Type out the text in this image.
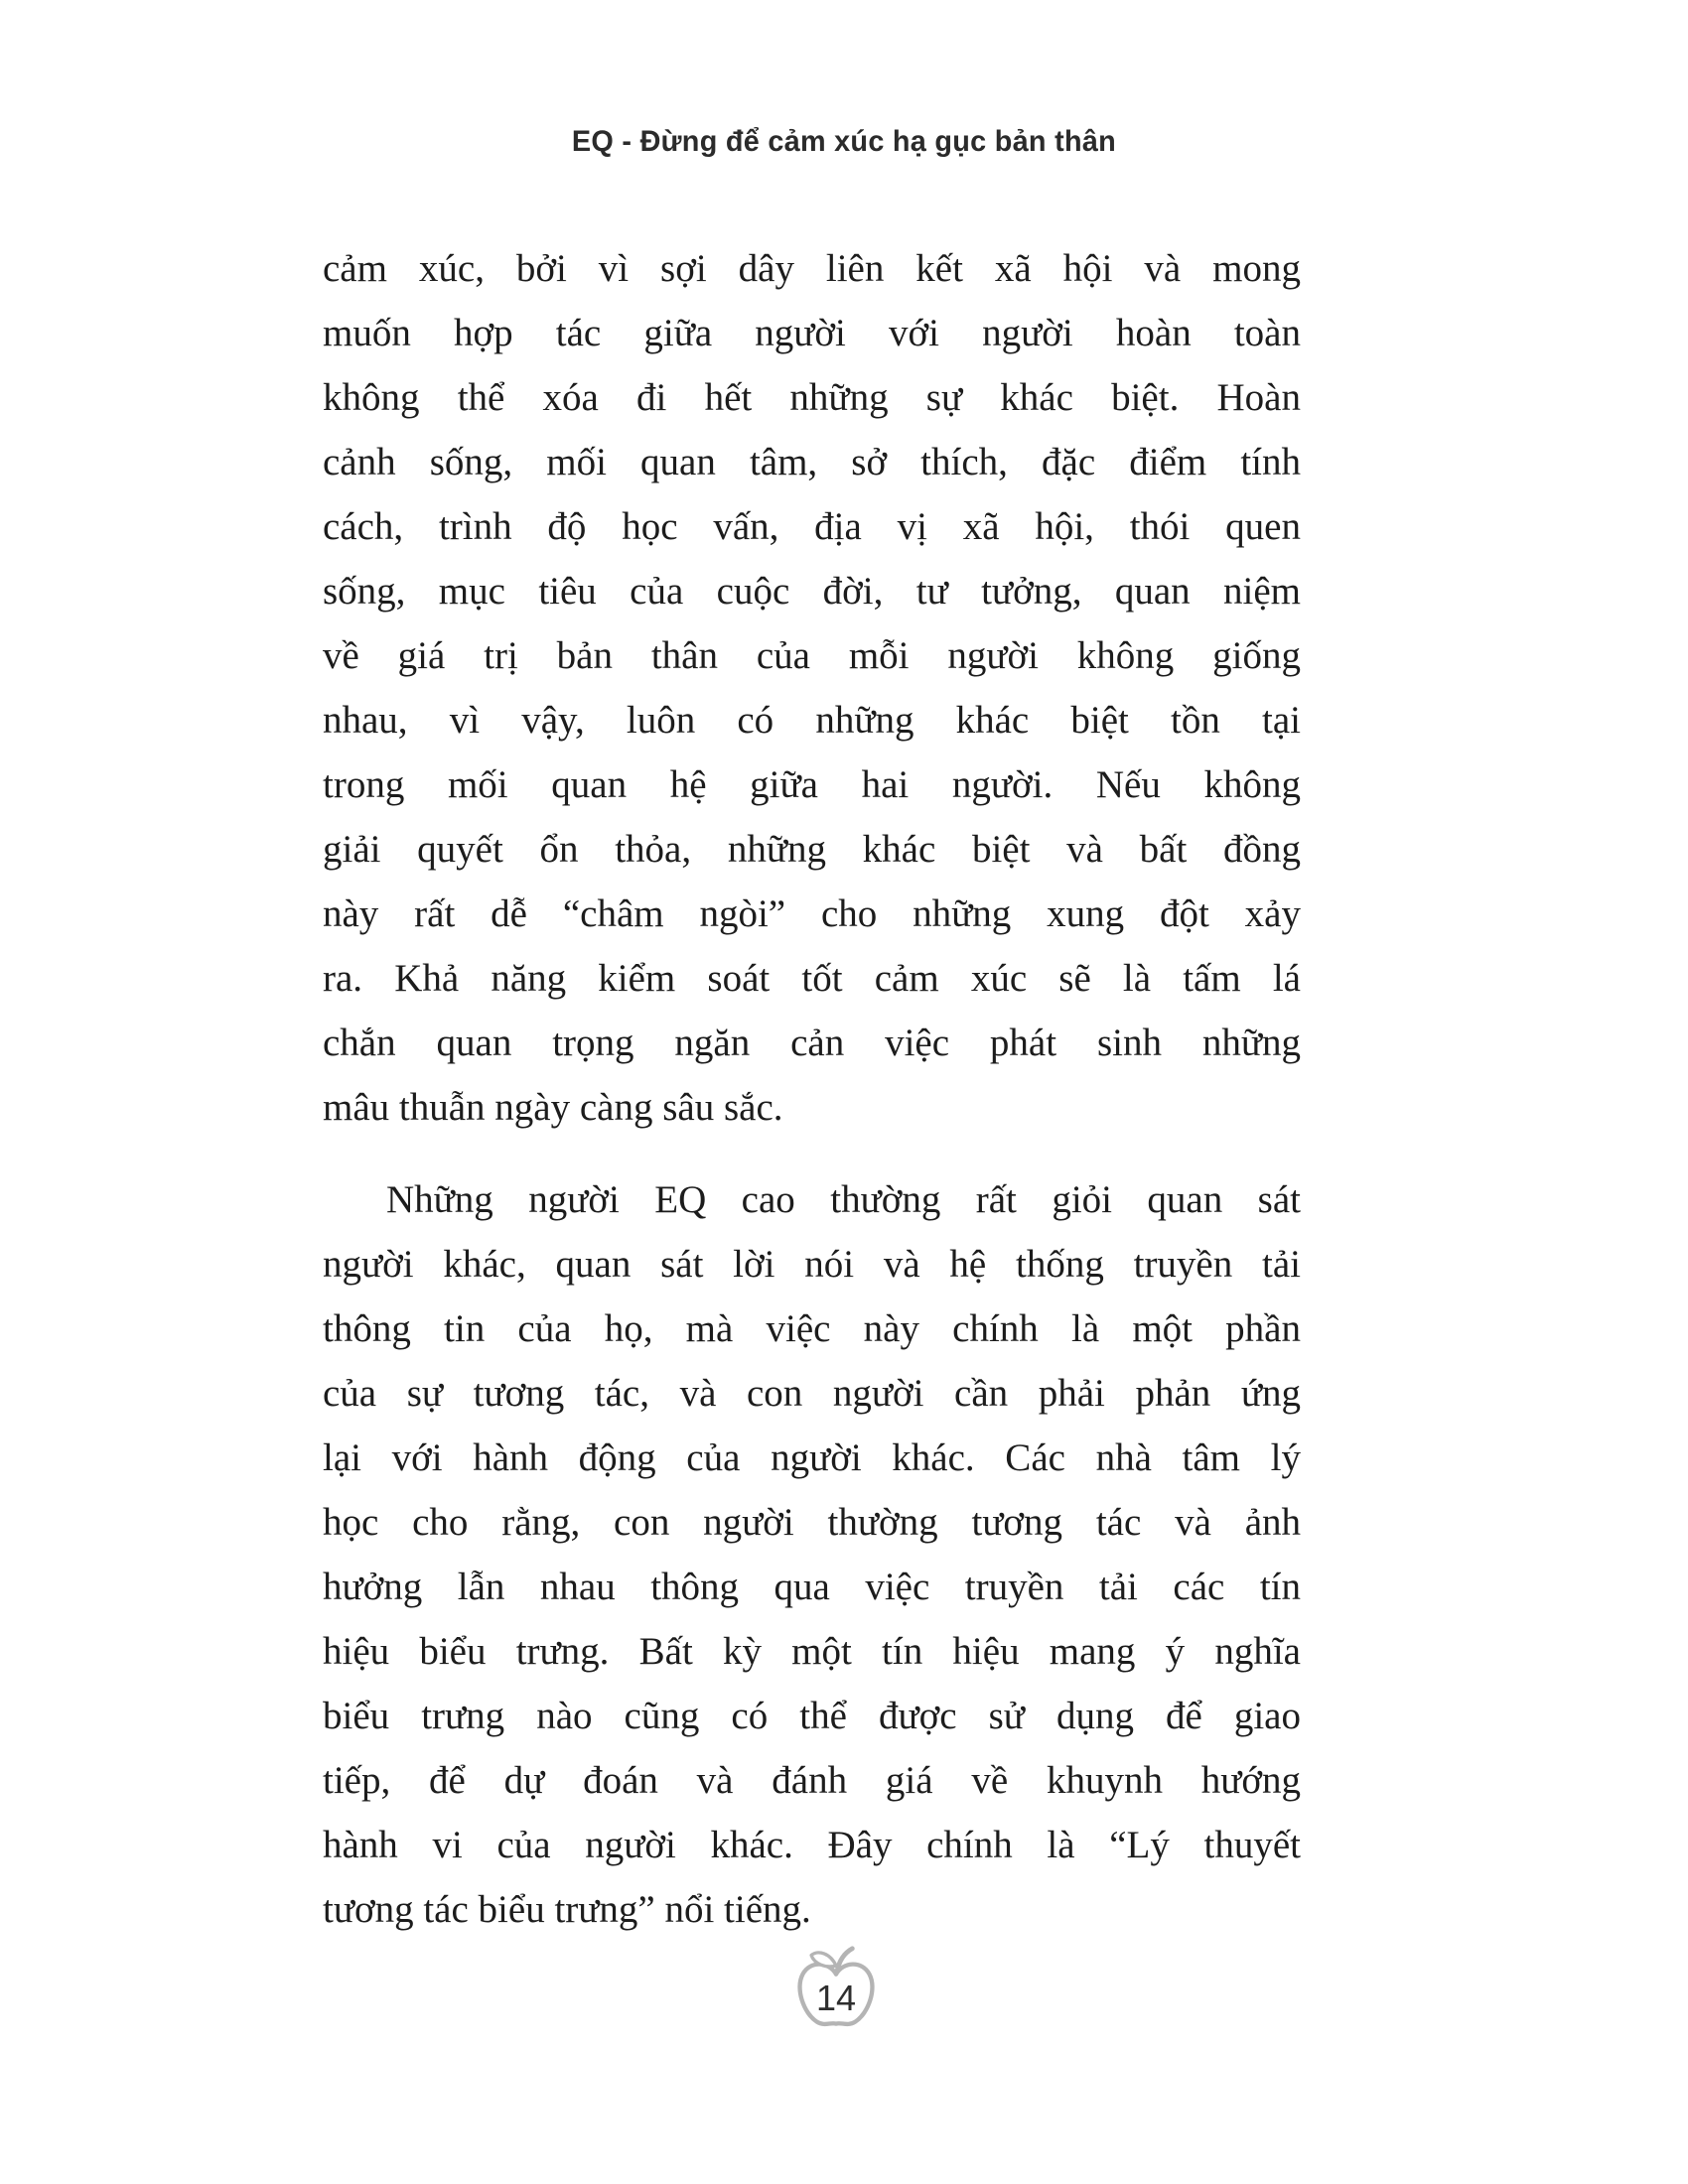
EQ - Đừng để cảm xúc hạ gục bản thân
cảm xúc, bởi vì sợi dây liên kết xã hội và mong
muốn hợp tác giữa người với người hoàn toàn
không thể xóa đi hết những sự khác biệt. Hoàn
cảnh sống, mối quan tâm, sở thích, đặc điểm tính
cách, trình độ học vấn, địa vị xã hội, thói quen
sống, mục tiêu của cuộc đời, tư tưởng, quan niệm
về giá trị bản thân của mỗi người không giống
nhau, vì vậy, luôn có những khác biệt tồn tại
trong mối quan hệ giữa hai người. Nếu không
giải quyết ổn thỏa, những khác biệt và bất đồng
này rất dễ “châm ngòi” cho những xung đột xảy
ra. Khả năng kiểm soát tốt cảm xúc sẽ là tấm lá
chắn quan trọng ngăn cản việc phát sinh những
mâu thuẫn ngày càng sâu sắc.
Những người EQ cao thường rất giỏi quan sát
người khác, quan sát lời nói và hệ thống truyền tải
thông tin của họ, mà việc này chính là một phần
của sự tương tác, và con người cần phải phản ứng
lại với hành động của người khác. Các nhà tâm lý
học cho rằng, con người thường tương tác và ảnh
hưởng lẫn nhau thông qua việc truyền tải các tín
hiệu biểu trưng. Bất kỳ một tín hiệu mang ý nghĩa
biểu trưng nào cũng có thể được sử dụng để giao
tiếp, để dự đoán và đánh giá về khuynh hướng
hành vi của người khác. Đây chính là “Lý thuyết
tương tác biểu trưng” nổi tiếng.
14
